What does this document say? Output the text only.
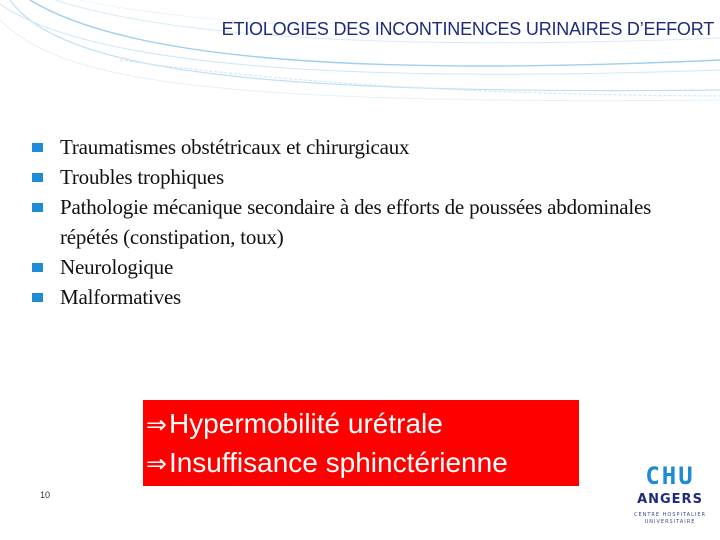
ETIOLOGIES DES INCONTINENCES URINAIRES D’EFFORT
Traumatismes obstétricaux et chirurgicaux
Troubles trophiques
Pathologie mécanique secondaire à des efforts de poussées abdominales répétés (constipation, toux)
Neurologique
Malformatives
⇒Hypermobilité urétrale
⇒Insuffisance sphinctérienne
10
CHU
ANGERS
CENTRE HOSPITALIER
UNIVERSITAIRE
